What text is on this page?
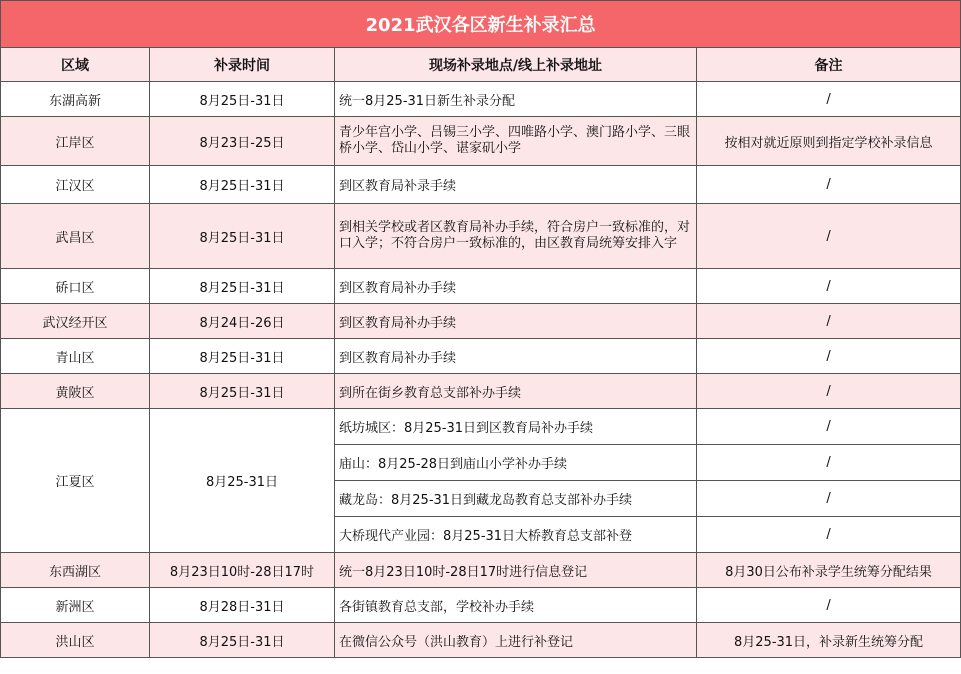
2021武汉各区新生补录汇总			
区域	补录时间	现场补录地点/线上补录地址	备注
东湖高新	8月25日-31日	统一8月25-31日新生补录分配	/
江岸区	8月23日-25日	青少年宫小学、吕锡三小学、四唯路小学、澳门路小学、三眼桥小学、岱山小学、谌家矶小学	按相对就近原则到指定学校补录信息
江汉区	8月25日-31日	到区教育局补录手续	/
武昌区	8月25日-31日	到相关学校或者区教育局补办手续，符合房户一致标准的，对口入学；不符合房户一致标准的，由区教育局统筹安排入字	/
硚口区	8月25日-31日	到区教育局补办手续	/
武汉经开区	8月24日-26日	到区教育局补办手续	/
青山区	8月25日-31日	到区教育局补办手续	/
黄陂区	8月25日-31日	到所在街乡教育总支部补办手续	/
江夏区	8月25-31日	纸坊城区：8月25-31日到区教育局补办手续	/
		庙山：8月25-28日到庙山小学补办手续	/
		藏龙岛：8月25-31日到藏龙岛教育总支部补办手续	/
		大桥现代产业园：8月25-31日大桥教育总支部补登	/
东西湖区	8月23日10时-28日17时	统一8月23日10时-28日17时进行信息登记	8月30日公布补录学生统筹分配结果
新洲区	8月28日-31日	各街镇教育总支部，学校补办手续	/
洪山区	8月25日-31日	在微信公众号（洪山教育）上进行补登记	8月25-31日，补录新生统筹分配
